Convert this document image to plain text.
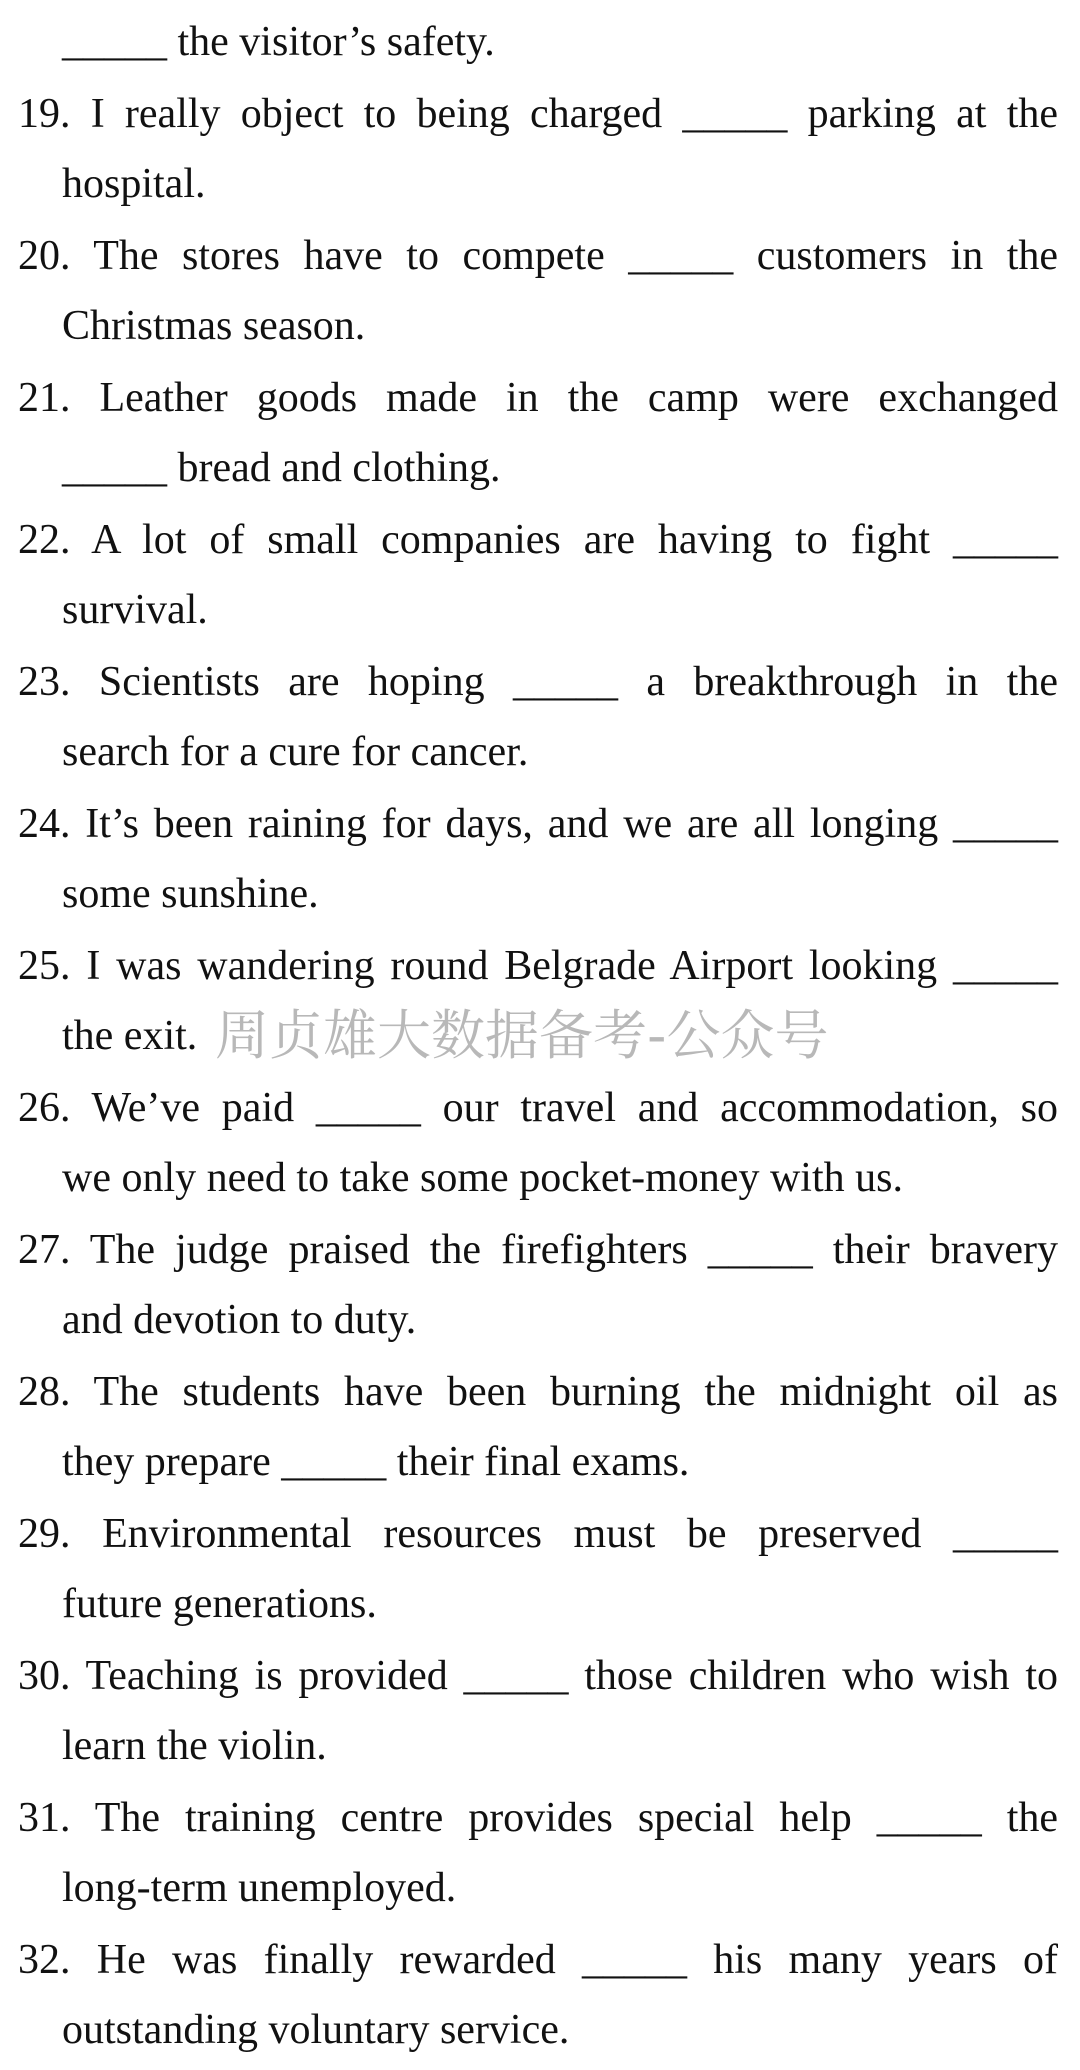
_____ the visitor’s safety.
19. I really object to being charged _____ parking at the
hospital.
20. The stores have to compete _____ customers in the
Christmas season.
21. Leather goods made in the camp were exchanged
_____ bread and clothing.
22. A lot of small companies are having to fight _____
survival.
23. Scientists are hoping _____ a breakthrough in the
search for a cure for cancer.
24. It’s been raining for days, and we are all longing _____
some sunshine.
25. I was wandering round Belgrade Airport looking _____
the exit.
26. We’ve paid _____ our travel and accommodation, so
we only need to take some pocket-money with us.
27. The judge praised the firefighters _____ their bravery
and devotion to duty.
28. The students have been burning the midnight oil as
they prepare _____ their final exams.
29. Environmental resources must be preserved _____
future generations.
30. Teaching is provided _____ those children who wish to
learn the violin.
31. The training centre provides special help _____ the
long-term unemployed.
32. He was finally rewarded _____ his many years of
outstanding voluntary service.
周贞雄大数据备考-公众号
